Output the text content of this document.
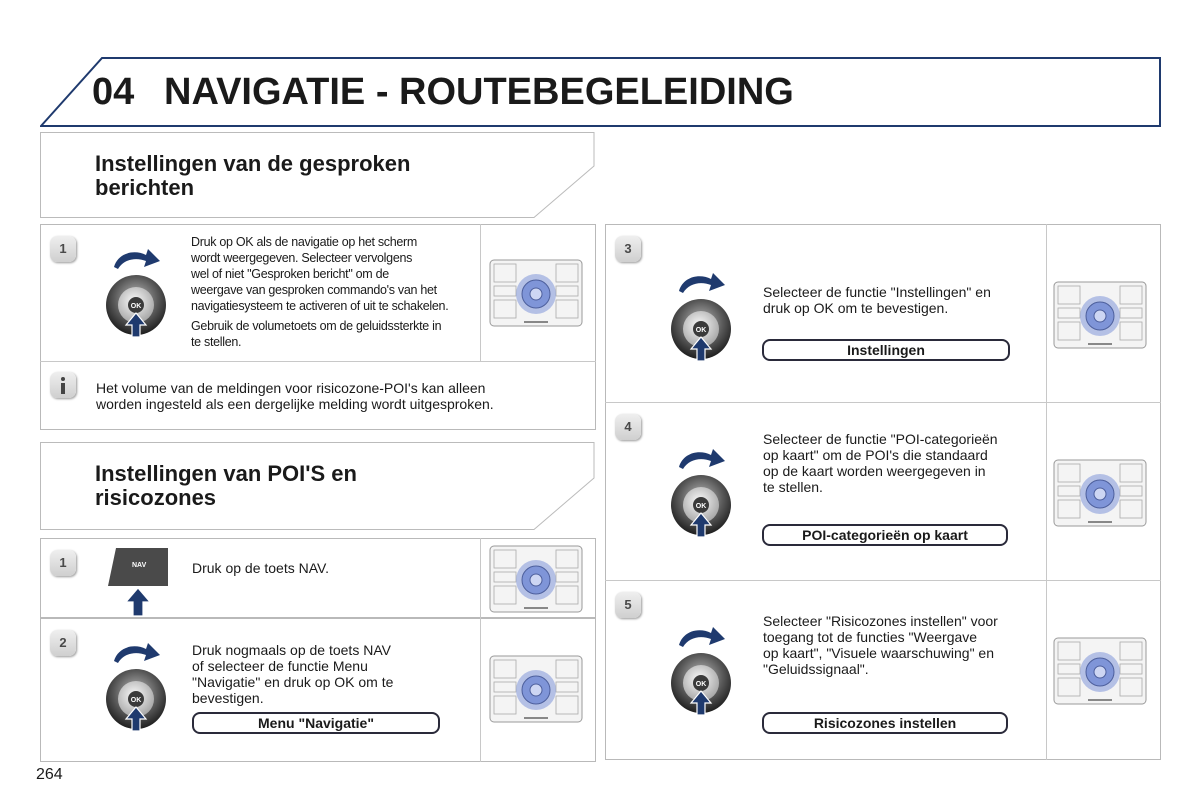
04 NAVIGATIE - ROUTEBEGELEIDING
Instellingen van de gesproken
berichten
1	Druk op OK als de navigatie op het scherm
wordt weergegeven. Selecteer vervolgens
wel of niet "Gesproken bericht" om de
weergave van gesproken commando's van het
navigatiesysteem te activeren of uit te schakelen.
Gebruik de volumetoets om de geluidssterkte in
te stellen.
Het volume van de meldingen voor risicozone-POI's kan alleen
worden ingesteld als een dergelijke melding wordt uitgesproken.
Instellingen van POI'S en
risicozones
1	NAV	Druk op de toets NAV.
2	Druk nogmaals op de toets NAV
of selecteer de functie Menu
"Navigatie" en druk op OK om te
bevestigen.
Menu "Navigatie"
3
Selecteer de functie "Instellingen" en
druk op OK om te bevestigen.
Instellingen
4
Selecteer de functie "POI-categorieën
op kaart" om de POI's die standaard
op de kaart worden weergegeven in
te stellen.
POI-categorieën op kaart
5
Selecteer "Risicozones instellen" voor
toegang tot de functies "Weergave
op kaart", "Visuele waarschuwing" en
"Geluidssignaal".
Risicozones instellen
264
